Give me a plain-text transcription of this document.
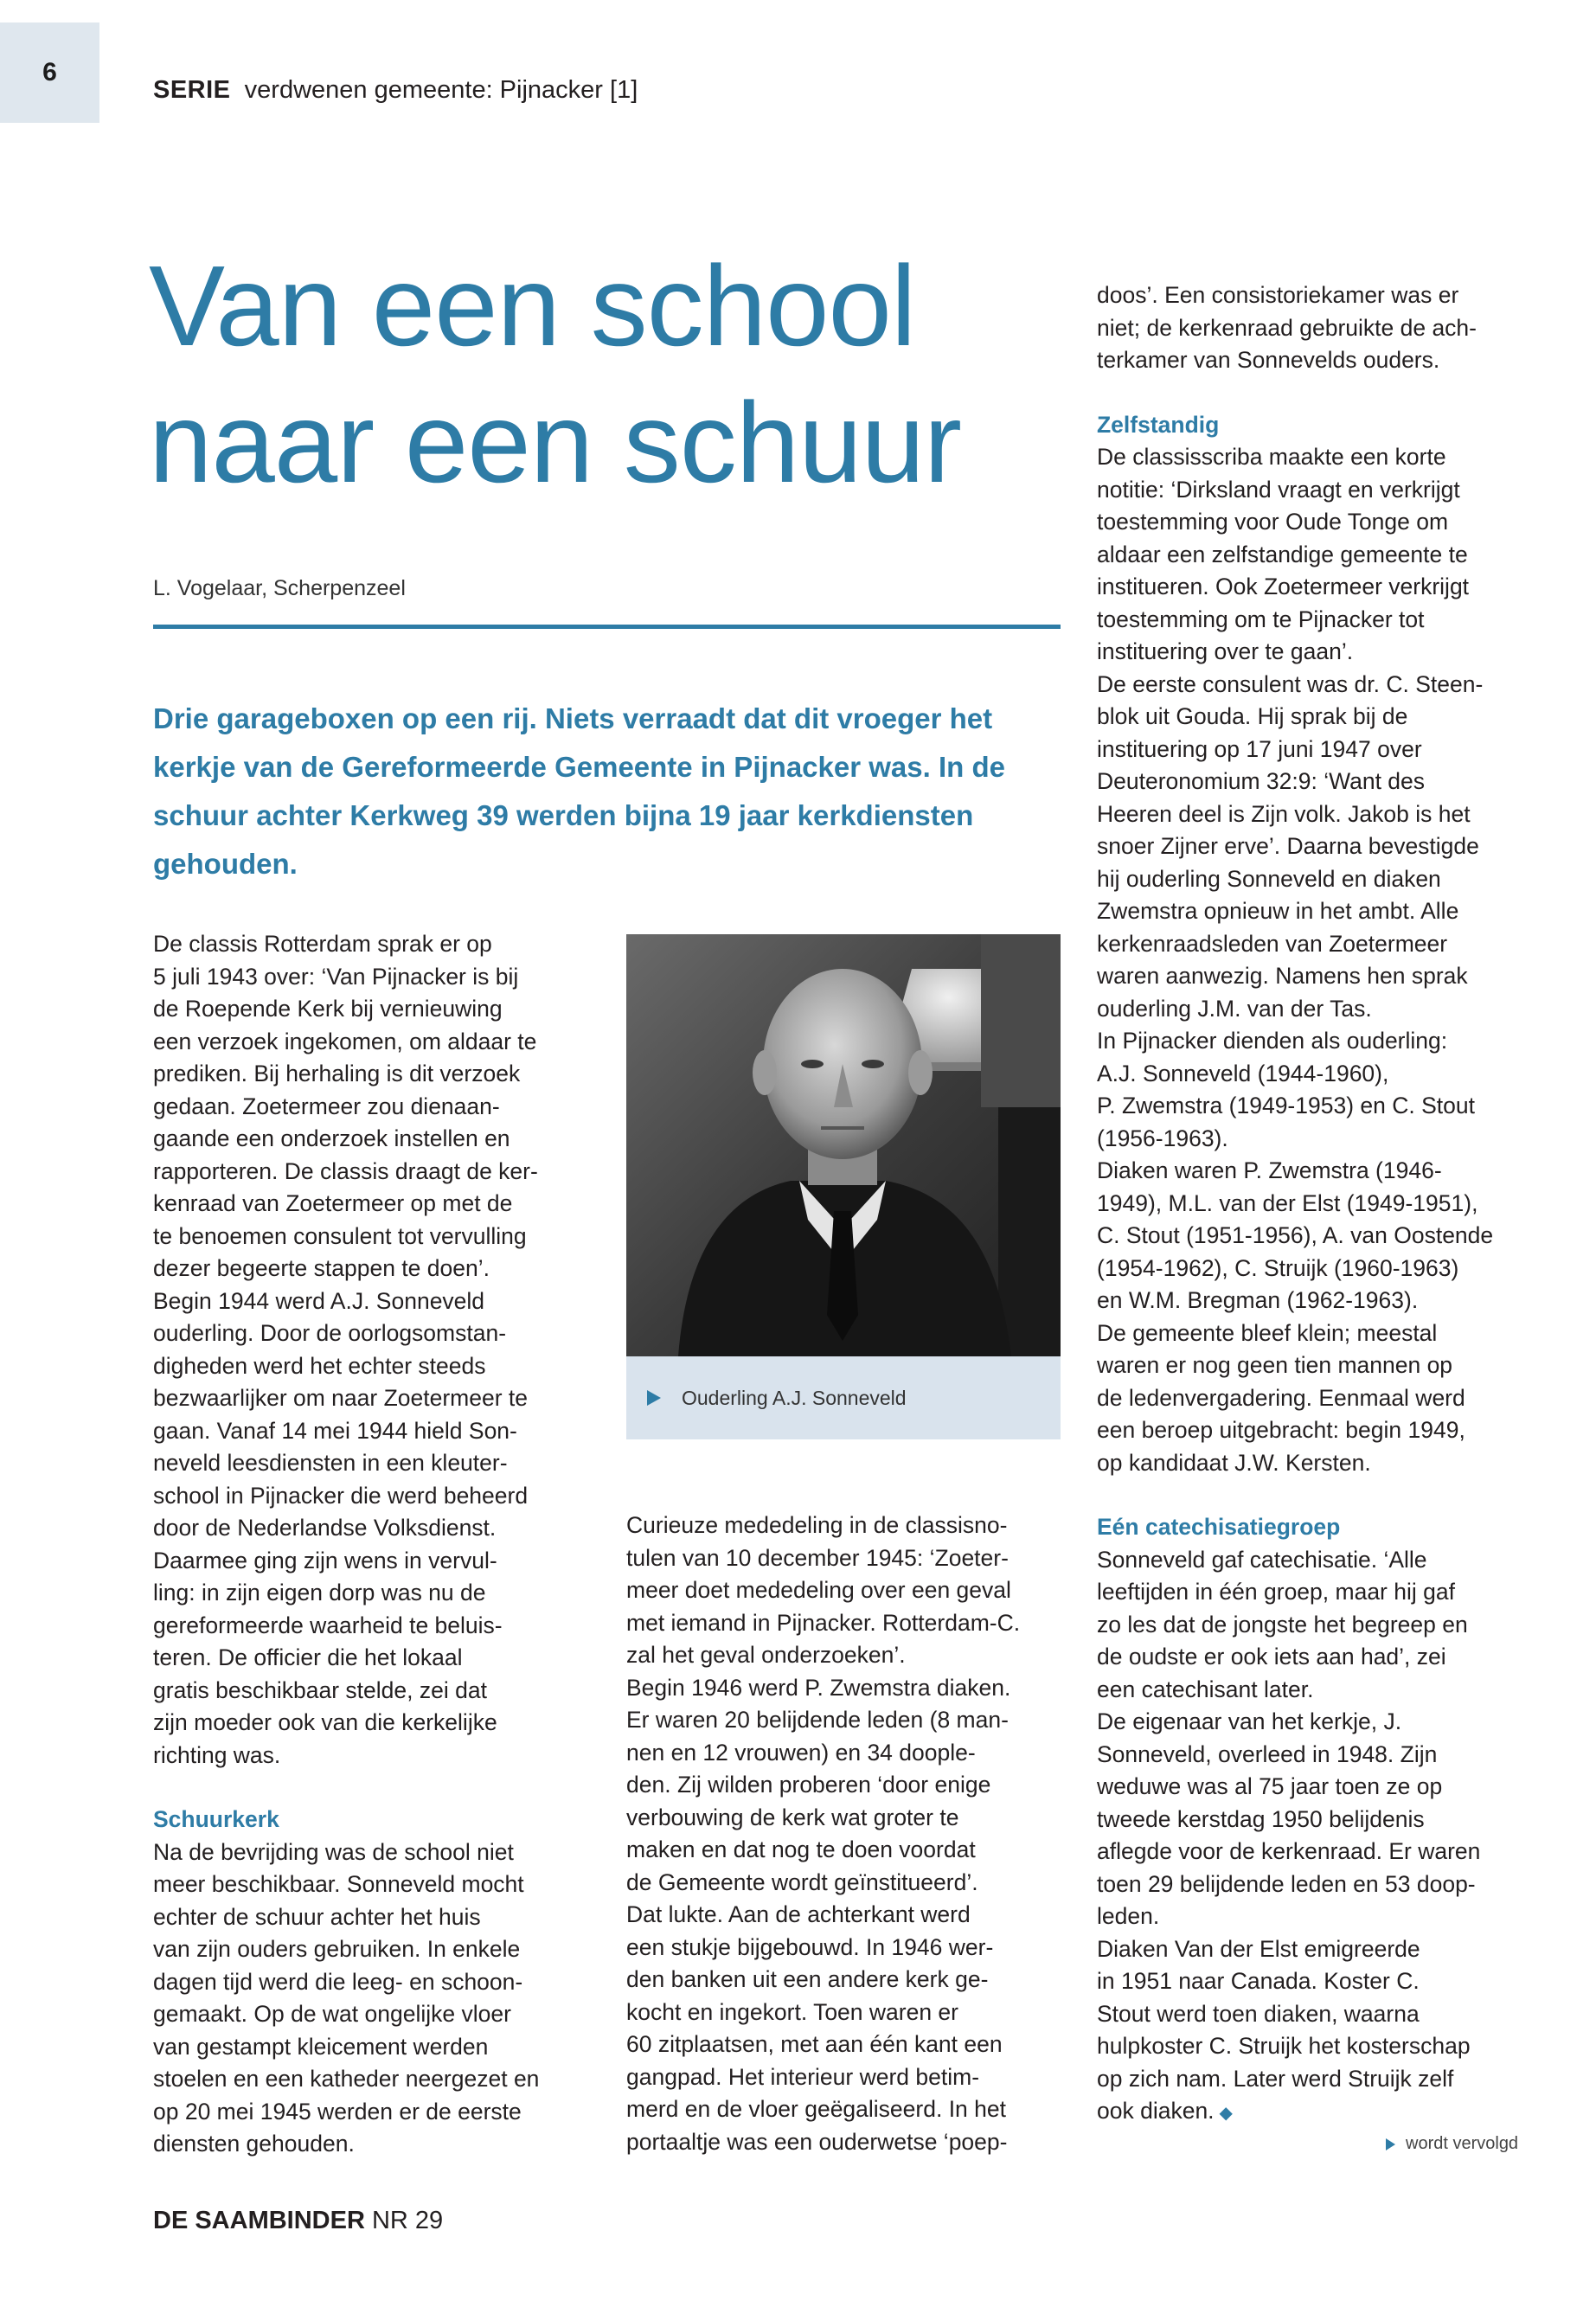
6
SERIE verdwenen gemeente: Pijnacker [1]
Van een school
naar een schuur
L. Vogelaar, Scherpenzeel
Drie garageboxen op een rij. Niets verraadt dat dit vroeger het kerkje van de Gereformeerde Gemeente in Pijnacker was. In de schuur achter Kerkweg 39 werden bijna 19 jaar kerkdiensten gehouden.

De classis Rotterdam sprak er op

5 juli 1943 over: ‘Van Pijnacker is bij

de Roepende Kerk bij vernieuwing

een verzoek ingekomen, om aldaar te

prediken. Bij herhaling is dit verzoek

gedaan. Zoetermeer zou dienaan-

gaande een onderzoek instellen en

rapporteren. De classis draagt de ker-

kenraad van Zoetermeer op met de

te benoemen consulent tot vervulling

dezer begeerte stappen te doen’.

Begin 1944 werd A.J. Sonneveld

ouderling. Door de oorlogsomstan-

digheden werd het echter steeds

bezwaarlijker om naar Zoetermeer te

gaan. Vanaf 14 mei 1944 hield Son-

neveld leesdiensten in een kleuter-

school in Pijnacker die werd beheerd

door de Nederlandse Volksdienst.

Daarmee ging zijn wens in vervul-

ling: in zijn eigen dorp was nu de

gereformeerde waarheid te beluis-

teren. De officier die het lokaal

gratis beschikbaar stelde, zei dat

zijn moeder ook van die kerkelijke

richting was.

Schuurkerk

Na de bevrijding was de school niet

meer beschikbaar. Sonneveld mocht

echter de schuur achter het huis

van zijn ouders gebruiken. In enkele

dagen tijd werd die leeg- en schoon-

gemaakt. Op de wat ongelijke vloer

van gestampt kleicement werden

stoelen en een katheder neergezet en

op 20 mei 1945 werden er de eerste

diensten gehouden.

Ouderling A.J. Sonneveld

Curieuze mededeling in de classisno-

tulen van 10 december 1945: ‘Zoeter-

meer doet mededeling over een geval

met iemand in Pijnacker. Rotterdam-C.

zal het geval onderzoeken’.

Begin 1946 werd P. Zwemstra diaken.

Er waren 20 belijdende leden (8 man-

nen en 12 vrouwen) en 34 doople-

den. Zij wilden proberen ‘door enige

verbouwing de kerk wat groter te

maken en dat nog te doen voordat

de Gemeente wordt geïnstitueerd’.

Dat lukte. Aan de achterkant werd

een stukje bijgebouwd. In 1946 wer-

den banken uit een andere kerk ge-

kocht en ingekort. Toen waren er

60 zitplaatsen, met aan één kant een

gangpad. Het interieur werd betim-

merd en de vloer geëgaliseerd. In het

portaaltje was een ouderwetse ‘poep-

doos’. Een consistoriekamer was er

niet; de kerkenraad gebruikte de ach-

terkamer van Sonnevelds ouders.

Zelfstandig

De classisscriba maakte een korte

notitie: ‘Dirksland vraagt en verkrijgt

toestemming voor Oude Tonge om

aldaar een zelfstandige gemeente te

institueren. Ook Zoetermeer verkrijgt

toestemming om te Pijnacker tot

instituering over te gaan’.

De eerste consulent was dr. C. Steen-

blok uit Gouda. Hij sprak bij de

instituering op 17 juni 1947 over

Deuteronomium 32:9: ‘Want des

Heeren deel is Zijn volk. Jakob is het

snoer Zijner erve’. Daarna bevestigde

hij ouderling Sonneveld en diaken

Zwemstra opnieuw in het ambt. Alle

kerkenraadsleden van Zoetermeer

waren aanwezig. Namens hen sprak

ouderling J.M. van der Tas.

In Pijnacker dienden als ouderling:

A.J. Sonneveld (1944-1960),

P. Zwemstra (1949-1953) en C. Stout

(1956-1963).

Diaken waren P. Zwemstra (1946-

1949), M.L. van der Elst (1949-1951),

C. Stout (1951-1956), A. van Oostende

(1954-1962), C. Struijk (1960-1963)

en W.M. Bregman (1962-1963).

De gemeente bleef klein; meestal

waren er nog geen tien mannen op

de ledenvergadering. Eenmaal werd

een beroep uitgebracht: begin 1949,

op kandidaat J.W. Kersten.

Eén catechisatiegroep

Sonneveld gaf catechisatie. ‘Alle

leeftijden in één groep, maar hij gaf

zo les dat de jongste het begreep en

de oudste er ook iets aan had’, zei

een catechisant later.

De eigenaar van het kerkje, J.

Sonneveld, overleed in 1948. Zijn

weduwe was al 75 jaar toen ze op

tweede kerstdag 1950 belijdenis

aflegde voor de kerkenraad. Er waren

toen 29 belijdende leden en 53 doop-

leden.

Diaken Van der Elst emigreerde

in 1951 naar Canada. Koster C.

Stout werd toen diaken, waarna

hulpkoster C. Struijk het kosterschap

op zich nam. Later werd Struijk zelf

ook diaken. ◆
wordt vervolgd
DE SAAMBINDER NR 29
